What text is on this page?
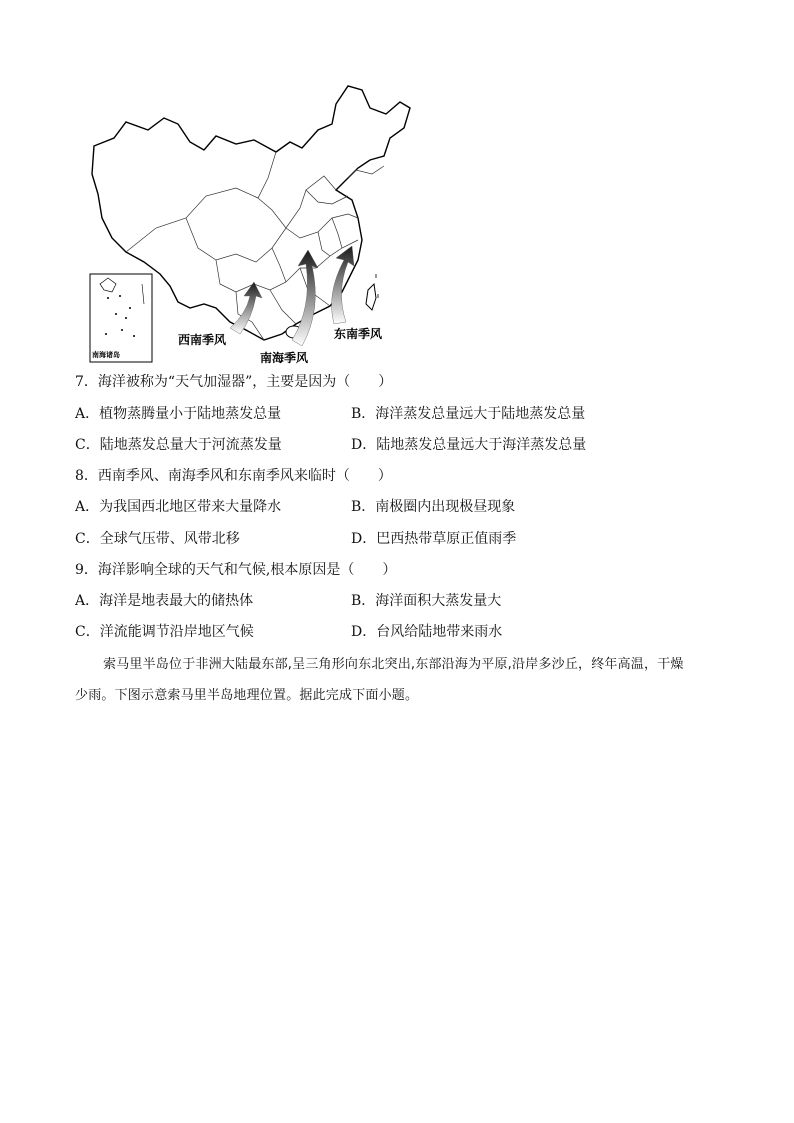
南海诸岛
西南季风
南海季风
东南季风
7．海洋被称为“天气加湿器”，主要是因为（　　）
A．植物蒸腾量小于陆地蒸发总量	B．海洋蒸发总量远大于陆地蒸发总量
C．陆地蒸发总量大于河流蒸发量	D．陆地蒸发总量远大于海洋蒸发总量
8．西南季风、南海季风和东南季风来临时（　　）
A．为我国西北地区带来大量降水	B．南极圈内出现极昼现象
C．全球气压带、风带北移	D．巴西热带草原正值雨季
9．海洋影响全球的天气和气候,根本原因是（　　）
A．海洋是地表最大的储热体	B．海洋面积大蒸发量大
C．洋流能调节沿岸地区气候	D．台风给陆地带来雨水
索马里半岛位于非洲大陆最东部,呈三角形向东北突出,东部沿海为平原,沿岸多沙丘，终年高温，干燥
少雨。下图示意索马里半岛地理位置。据此完成下面小题。
